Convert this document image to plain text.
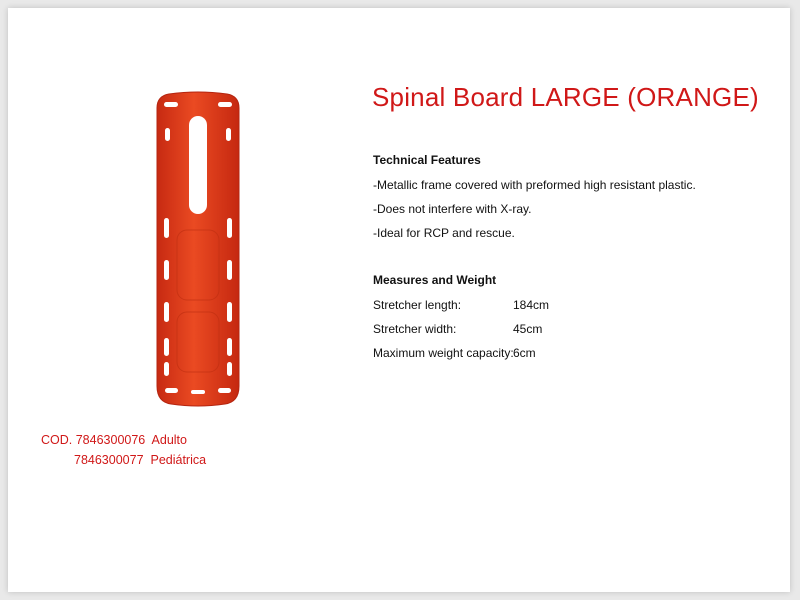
Spinal Board LARGE (ORANGE)
Technical Features
-Metallic frame covered with preformed high resistant plastic.
-Does not interfere with X-ray.
-Ideal for RCP and rescue.
Measures and Weight
Stretcher length:	184cm
Stretcher width:	45cm
Maximum weight capacity:6cm
COD. 7846300076 Adulto
7846300077 Pediátrica
